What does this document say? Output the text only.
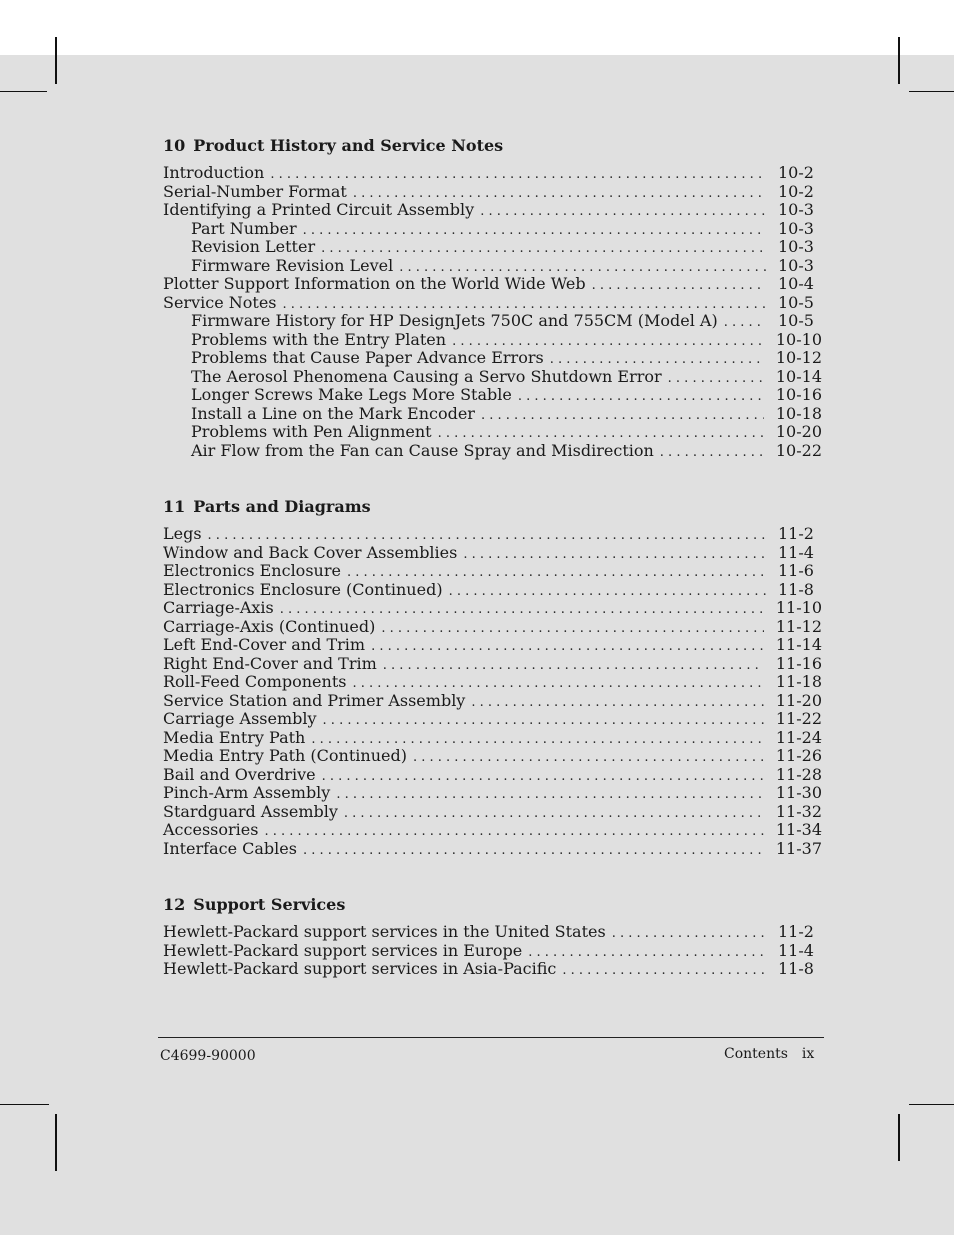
10 Product History and Service Notes
Introduction . . .	10-2
Serial-Number Format . . .	10-2
Identifying a Printed Circuit Assembly . . .	10-3
Part Number . . .	10-3
Revision Letter . . .	10-3
Firmware Revision Level . . .	10-3
Plotter Support Information on the World Wide Web . . .	10-4
Service Notes . . .	10-5
Firmware History for HP DesignJets 750C and 755CM (Model A) . . .	10-5
Problems with the Entry Platen . . .	10-10
Problems that Cause Paper Advance Errors . . .	10-12
The Aerosol Phenomena Causing a Servo Shutdown Error . . .	10-14
Longer Screws Make Legs More Stable . . .	10-16
Install a Line on the Mark Encoder . . .	10-18
Problems with Pen Alignment . . .	10-20
Air Flow from the Fan can Cause Spray and Misdirection . . .	10-22
11 Parts and Diagrams
Legs . . .	11-2
Window and Back Cover Assemblies . . .	11-4
Electronics Enclosure . . .	11-6
Electronics Enclosure (Continued) . . .	11-8
Carriage-Axis . . .	11-10
Carriage-Axis (Continued) . . .	11-12
Left End-Cover and Trim . . .	11-14
Right End-Cover and Trim . . .	11-16
Roll-Feed Components . . .	11-18
Service Station and Primer Assembly . . .	11-20
Carriage Assembly . . .	11-22
Media Entry Path . . .	11-24
Media Entry Path (Continued) . . .	11-26
Bail and Overdrive . . .	11-28
Pinch-Arm Assembly . . .	11-30
Stardguard Assembly . . .	11-32
Accessories . . .	11-34
Interface Cables . . .	11-37
12 Support Services
Hewlett-Packard support services in the United States . . .	11-2
Hewlett-Packard support services in Europe . . .	11-4
Hewlett-Packard support services in Asia-Pacific . . .	11-8
C4699-90000	Contents ix
